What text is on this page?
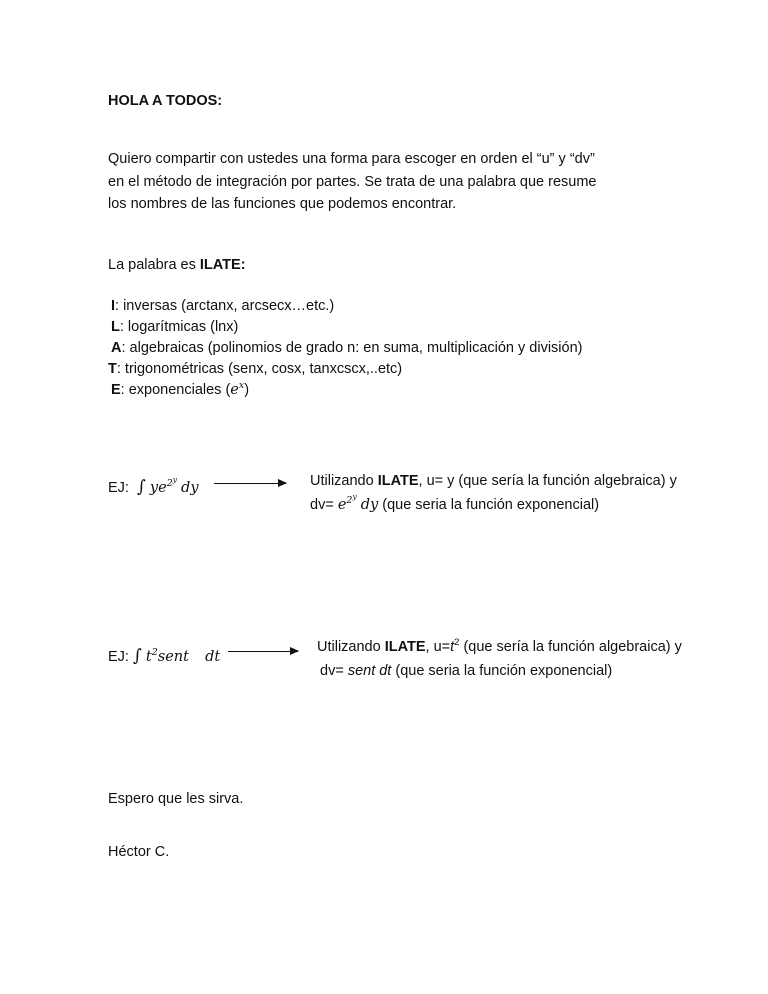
HOLA A TODOS:
Quiero compartir con ustedes una forma para escoger en orden el “u” y “dv”
en el método de integración por partes. Se trata de una palabra que resume
los nombres de las funciones que podemos encontrar.
La palabra es ILATE:
I: inversas (arctanx, arcsecx…etc.)
L: logarítmicas (lnx)
A: algebraicas (polinomios de grado n: en suma, multiplicación y división)
T: trigonométricas (senx, cosx, tanxcscx,..etc)
E: exponenciales $(e^x)$
EJ: ∫ $ye^{2^y}$ dy	Utilizando ILATE, u= y (que sería la función algebraica) y
$dv= e^{2^y}$ dy (que seria la función exponencial)
EJ: ∫ $t^2sent$ dt
Utilizando ILATE, $u=t^2$ (que sería la función algebraica) y
dv= sent dt (que seria la función exponencial)
Espero que les sirva.
Héctor C.
